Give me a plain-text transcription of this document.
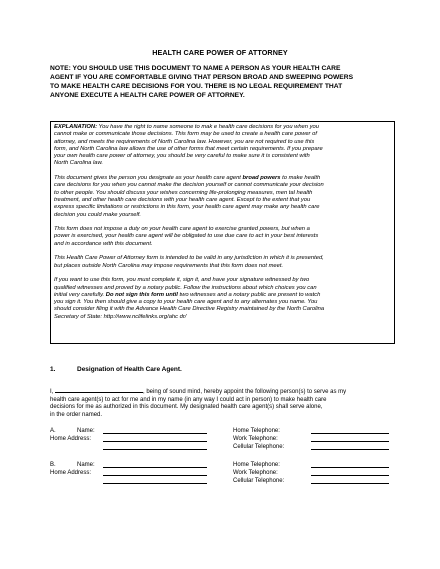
HEALTH CARE POWER OF ATTORNEY
NOTE: YOU SHOULD USE THIS DOCUMENT TO NAME A PERSON AS YOUR HEALTH CARE
AGENT IF YOU ARE COMFORTABLE GIVING THAT PERSON BROAD AND SWEEPING POWERS
TO MAKE HEALTH CARE DECISIONS FOR YOU. THERE IS NO LEGAL REQUIREMENT THAT
ANYONE EXECUTE A HEALTH CARE POWER OF ATTORNEY.
EXPLANATION: You have the right to name someone to mak e health care decisions for you when you
cannot make or communicate those decisions. This form may be used to create a health care power of
attorney, and meets the requirements of North Carolina law. However, you are not required to use this
form, and North Carolina law allows the use of other forms that meet certain requirements. If you prepare
your own health care power of attorney, you should be very careful to make sure it is consistent with
North Carolina law.
This document gives the person you designate as your health care agent broad powers to make health
care decisions for you when you cannot make the decision yourself or cannot communicate your decision
to other people. You should discuss your wishes concerning life-prolonging measures, men tal health
treatment, and other health care decisions with your health care agent. Except to the extent that you
express specific limitations or restrictions in this form, your health care agent may make any health care
decision you could make yourself.
This form does not impose a duty on your health care agent to exercise granted powers, but when a
power is exercised, your health care agent will be obligated to use due care to act in your best interests
and in accordance with this document.
This Health Care Power of Attorney form is intended to be valid in any jurisdiction in which it is presented,
but places outside North Carolina may impose requirements that this form does not meet.
If you want to use this form, you must complete it, sign it, and have your signature witnessed by two
qualified witnesses and proved by a notary public. Follow the instructions about which choices you can
initial very carefully. Do not sign this form until two witnesses and a notary public are present to watch
you sign it. You then should give a copy to your health care agent and to any alternates you name. You
should consider filing it with the Advance Health Care Directive Registry maintained by the North Carolina
Secretary of State: http://www.nclifelinks.org/ahc dr/
1.	Designation of Health Care Agent.
I,	, being of sound mind, hereby appoint the following person(s) to serve as my
health care agent(s) to act for me and in my name (in any way I could act in person) to make health care
decisions for me as authorized in this document. My designated health care agent(s) shall serve alone,
in the order named.
A.	Name:	Home Telephone:
Home Address:	Work Telephone:
Cellular Telephone:
B.	Name:	Home Telephone:
Home Address:	Work Telephone:
Cellular Telephone:
